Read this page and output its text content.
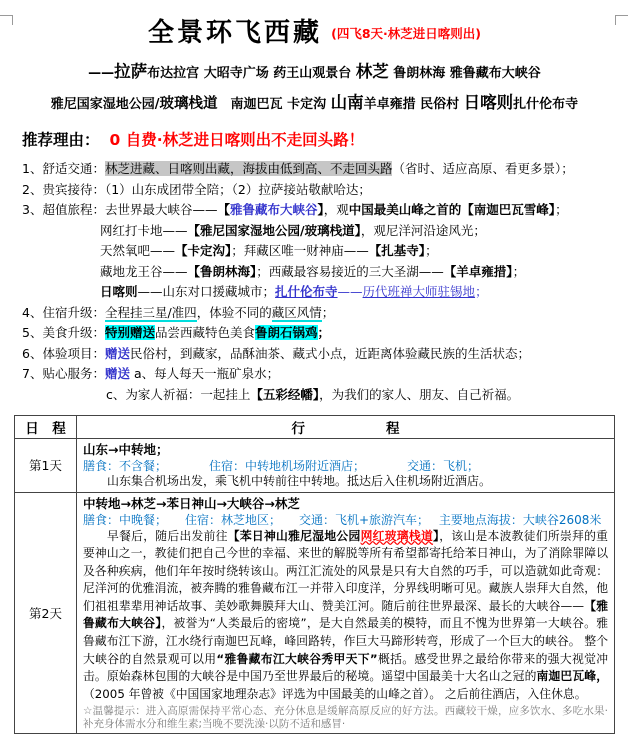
全景环飞西藏 (四飞8天·林芝进日喀则出)
——拉萨布达拉宫 大昭寺广场 药王山观景台 林芝 鲁朗林海 雅鲁藏布大峡谷
雅尼国家湿地公园/玻璃栈道　南迦巴瓦 卡定沟 山南羊卓雍措 民俗村 日喀则扎什伦布寺
推荐理由： 0 自费·林芝进日喀则出不走回头路！
1、舒适交通：林芝进藏、日喀则出藏，海拔由低到高、不走回头路（省时、适应高原、看更多景）；
2、贵宾接待：（1）山东成团带全陪；（2）拉萨接站敬献哈达；
3、超值旅程：去世界最大峡谷——【雅鲁藏布大峡谷】，观中国最美山峰之首的【南迦巴瓦雪峰】；
网红打卡地——【雅尼国家湿地公园/玻璃栈道】，观尼洋河沿途风光；
天然氧吧——【卡定沟】；拜藏区唯一财神庙——【扎基寺】；
藏地龙王谷——【鲁朗林海】；西藏最容易接近的三大圣湖——【羊卓雍措】；
日喀则——山东对口援藏城市；扎什伦布寺——历代班禅大师驻锡地；
4、住宿升级：全程挂三星/准四，体验不同的藏区风情；
5、美食升级：特别赠送品尝西藏特色美食鲁朗石锅鸡；
6、体验项目：赠送民俗村，到藏家，品酥油茶、藏式小点，近距离体验藏民族的生活状态；
7、贴心服务：赠送 a、每人每天一瓶矿泉水；
c、为家人祈福：一起挂上【五彩经幡】，为我们的家人、朋友、自己祈福。
日　程	行　　　　　　程
第1天	山东→中转地；
膳食：不含餐；　　　　住宿：中转地机场附近酒店；　　　　交通：飞机；
山东集合机场出发，乘飞机中转前往中转地。抵达后入住机场附近酒店。

第2天	中转地→林芝→苯日神山→大峡谷→林芝
膳食：中晚餐；　　住宿：林芝地区；　　交通：飞机+旅游汽车；　 主要地点海拔：大峡谷2608米
早餐后，随后出发前往【苯日神山雅尼湿地公园网红玻璃栈道】，该山是本波教徒们所崇拜的重要神山之一，教徒们把自己今世的幸福、来世的解脱等所有希望都寄托给苯日神山，为了消除罪障以及各种疾病，他们年年按时绕转该山。两江汇流处的风景是只有大自然的巧手，可以造就如此奇观：尼洋河的优雅涓流，被奔腾的雅鲁藏布江一并带入印度洋，分界线明晰可见。藏族人崇拜大自然，他们祖祖辈辈用神话故事、美妙歌舞膜拜大山、赞美江河。随后前往世界最深、最长的大峡谷——【雅鲁藏布大峡谷】，被誉为“人类最后的密境”，是大自然最美的模特，而且不愧为世界第一大峡谷。雅鲁藏布江下游，江水绕行南迦巴瓦峰，峰回路转，作巨大马蹄形转弯，形成了一个巨大的峡谷。 整个大峡谷的自然景观可以用“雅鲁藏布江大峡谷秀甲天下”概括。感受世界之最给你带来的强大视觉冲击。原始森林包围的大峡谷是中国乃至世界最后的秘境。遥望中国最美十大名山之冠的南迦巴瓦峰，（2005 年曾被《中国国家地理杂志》评选为中国最美的山峰之首）。 之后前往酒店，入住休息。
☆温馨提示：进入高原需保持平常心态、充分休息是缓解高原反应的好方法。西藏较干燥，应多饮水、多吃水果·补充身体需水分和维生素;当晚不要洗澡·以防不适和感冒·
